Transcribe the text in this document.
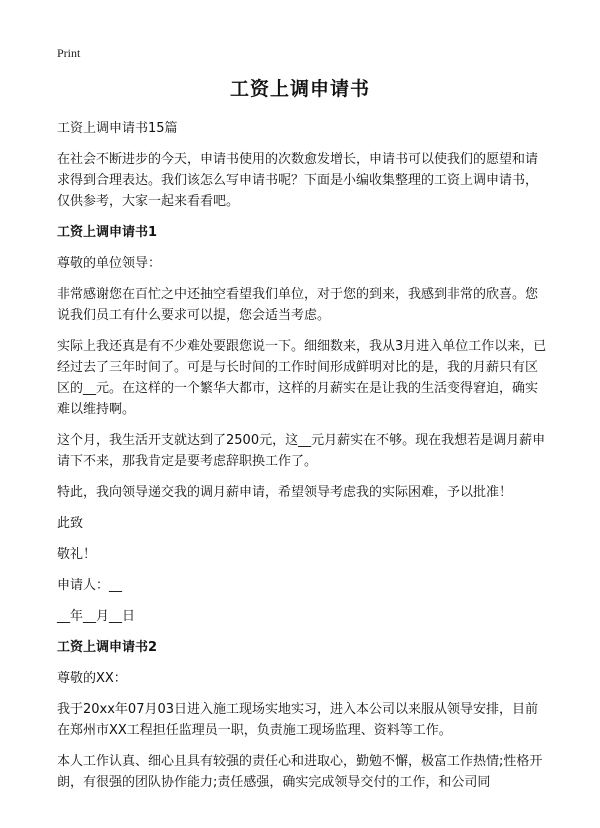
Print
工资上调申请书

工资上调申请书15篇

在社会不断进步的今天，申请书使用的次数愈发增长，申请书可以使我们的愿望和请求得到合理表达。我们该怎么写申请书呢？下面是小编收集整理的工资上调申请书，仅供参考，大家一起来看看吧。

工资上调申请书1

尊敬的单位领导：

非常感谢您在百忙之中还抽空看望我们单位，对于您的到来，我感到非常的欣喜。您说我们员工有什么要求可以提，您会适当考虑。

实际上我还真是有不少难处要跟您说一下。细细数来，我从3月进入单位工作以来，已经过去了三年时间了。可是与长时间的工作时间形成鲜明对比的是，我的月薪只有区区的__元。在这样的一个繁华大都市，这样的月薪实在是让我的生活变得窘迫，确实难以维持啊。

这个月，我生活开支就达到了2500元，这__元月薪实在不够。现在我想若是调月薪申请下不来，那我肯定是要考虑辞职换工作了。

特此，我向领导递交我的调月薪申请，希望领导考虑我的实际困难，予以批准！

此致

敬礼！

申请人：__

__年__月__日

工资上调申请书2

尊敬的XX：

我于20xx年07月03日进入施工现场实地实习，进入本公司以来服从领导安排，目前在郑州市XX工程担任监理员一职，负责施工现场监理、资料等工作。

本人工作认真、细心且具有较强的责任心和进取心，勤勉不懈，极富工作热情;性格开朗，有很强的团队协作能力;责任感强，确实完成领导交付的工作，和公司同
